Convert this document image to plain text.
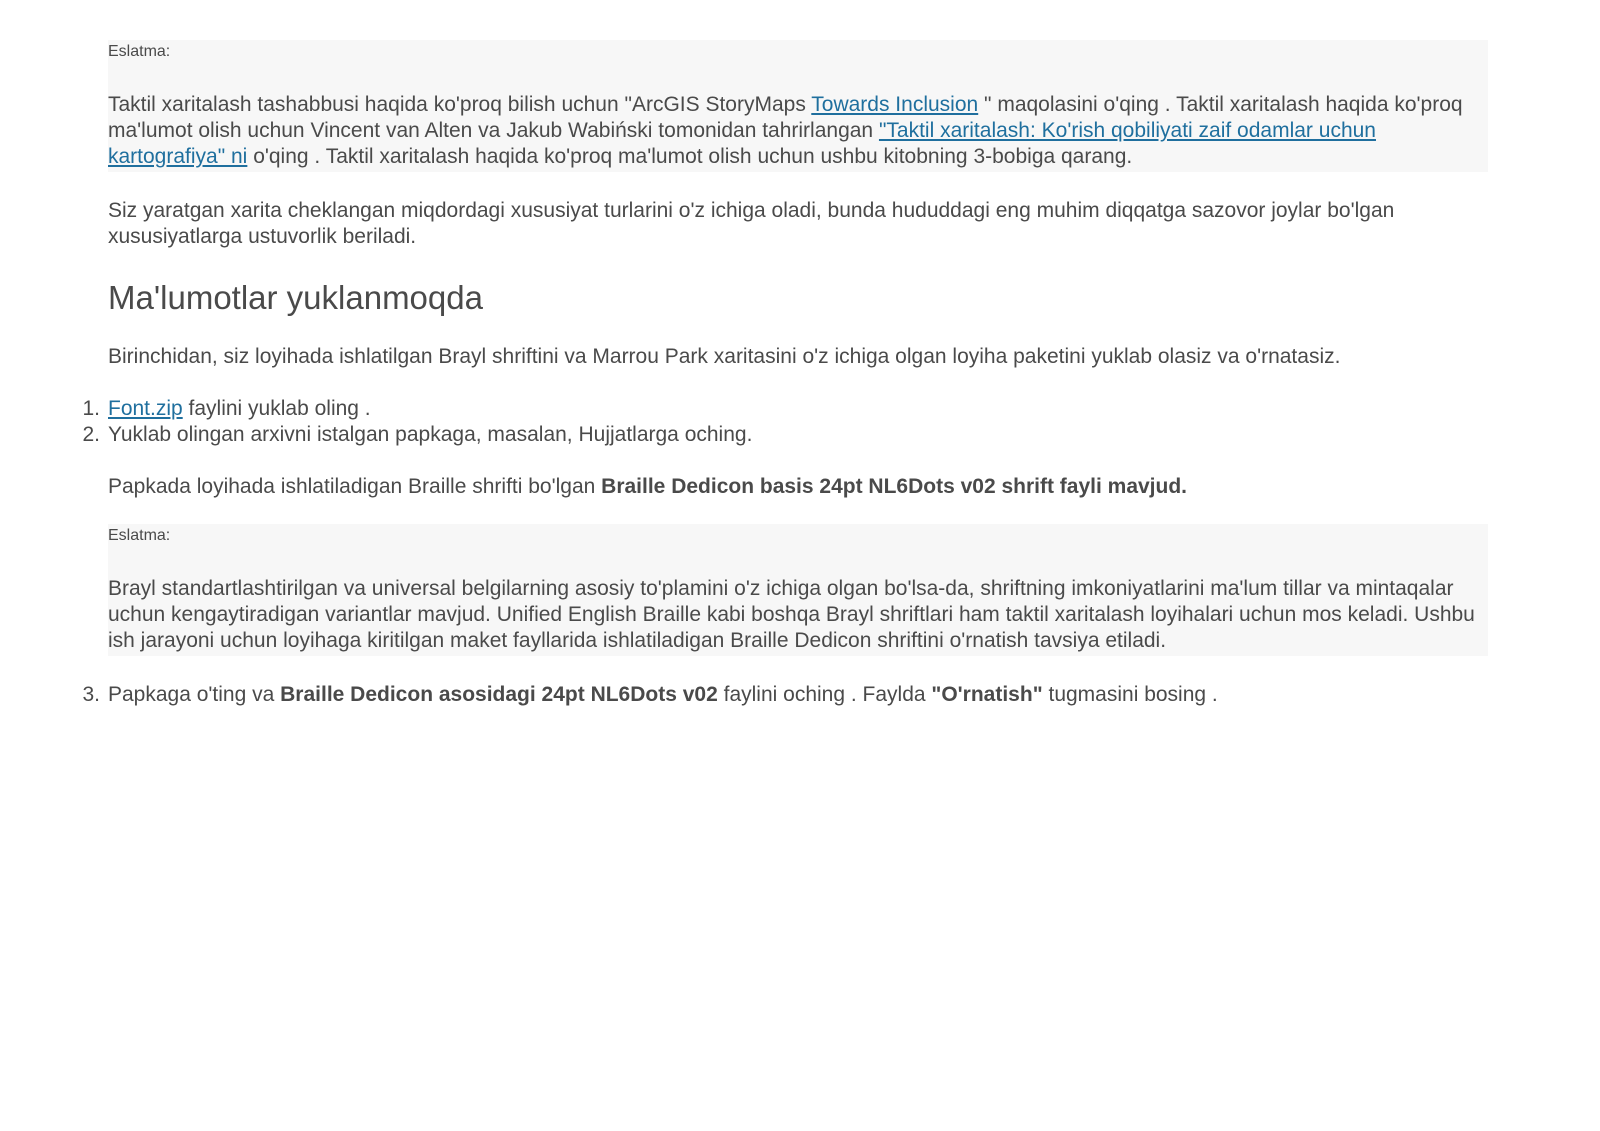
Eslatma:

Taktil xaritalash tashabbusi haqida ko'proq bilish uchun "ArcGIS StoryMaps Towards Inclusion " maqolasini o'qing . Taktil xaritalash haqida ko'proq ma'lumot olish uchun Vincent van Alten va Jakub Wabiński tomonidan tahrirlangan "Taktil xaritalash: Ko'rish qobiliyati zaif odamlar uchun kartografiya" ni o'qing . Taktil xaritalash haqida ko'proq ma'lumot olish uchun ushbu kitobning 3-bobiga qarang.

Siz yaratgan xarita cheklangan miqdordagi xususiyat turlarini o'z ichiga oladi, bunda hududdagi eng muhim diqqatga sazovor joylar bo'lgan xususiyatlarga ustuvorlik beriladi.

Ma'lumotlar yuklanmoqda

Birinchidan, siz loyihada ishlatilgan Brayl shriftini va Marrou Park xaritasini o'z ichiga olgan loyiha paketini yuklab olasiz va o'rnatasiz.

1. Font.zip faylini yuklab oling .
2. Yuklab olingan arxivni istalgan papkaga, masalan, Hujjatlarga oching.

Papkada loyihada ishlatiladigan Braille shrifti bo'lgan Braille Dedicon basis 24pt NL6Dots v02 shrift fayli mavjud.

Eslatma:

Brayl standartlashtirilgan va universal belgilarning asosiy to'plamini o'z ichiga olgan bo'lsa-da, shriftning imkoniyatlarini ma'lum tillar va mintaqalar uchun kengaytiradigan variantlar mavjud. Unified English Braille kabi boshqa Brayl shriftlari ham taktil xaritalash loyihalari uchun mos keladi. Ushbu ish jarayoni uchun loyihaga kiritilgan maket fayllarida ishlatiladigan Braille Dedicon shriftini o'rnatish tavsiya etiladi.

3. Papkaga o'ting va Braille Dedicon asosidagi 24pt NL6Dots v02 faylini oching . Faylda "O'rnatish" tugmasini bosing .
